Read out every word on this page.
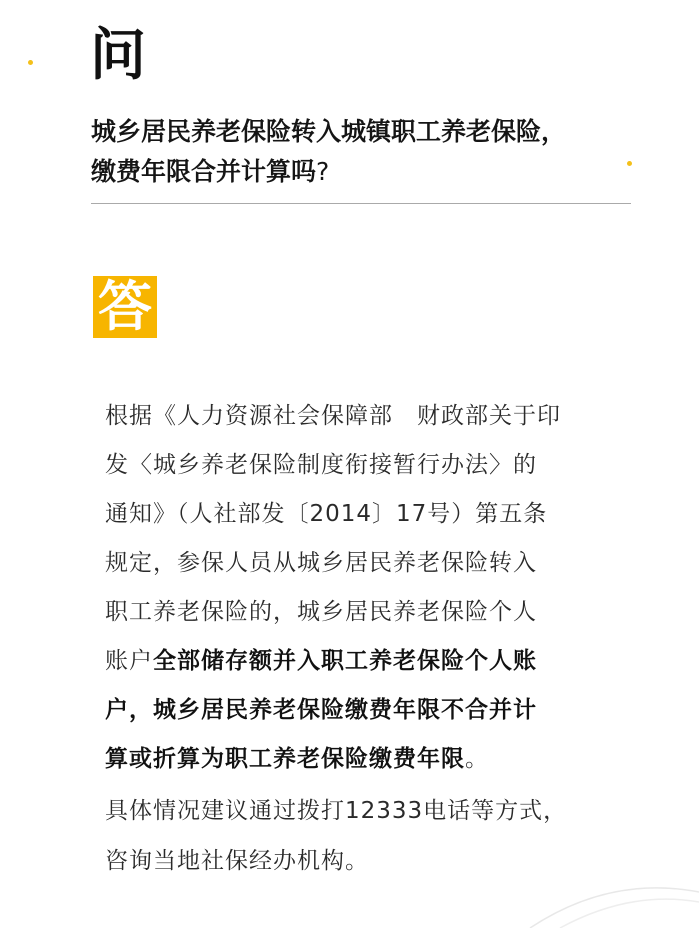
问
城乡居民养老保险转入城镇职工养老保险，
缴费年限合并计算吗?
答
根据《人力资源社会保障部　财政部关于印
发〈城乡养老保险制度衔接暂行办法〉的
通知》（人社部发〔2014〕17号）第五条
规定，参保人员从城乡居民养老保险转入
职工养老保险的，城乡居民养老保险个人
账户全部储存额并入职工养老保险个人账
户，城乡居民养老保险缴费年限不合并计
算或折算为职工养老保险缴费年限。
具体情况建议通过拨打12333电话等方式，
咨询当地社保经办机构。
